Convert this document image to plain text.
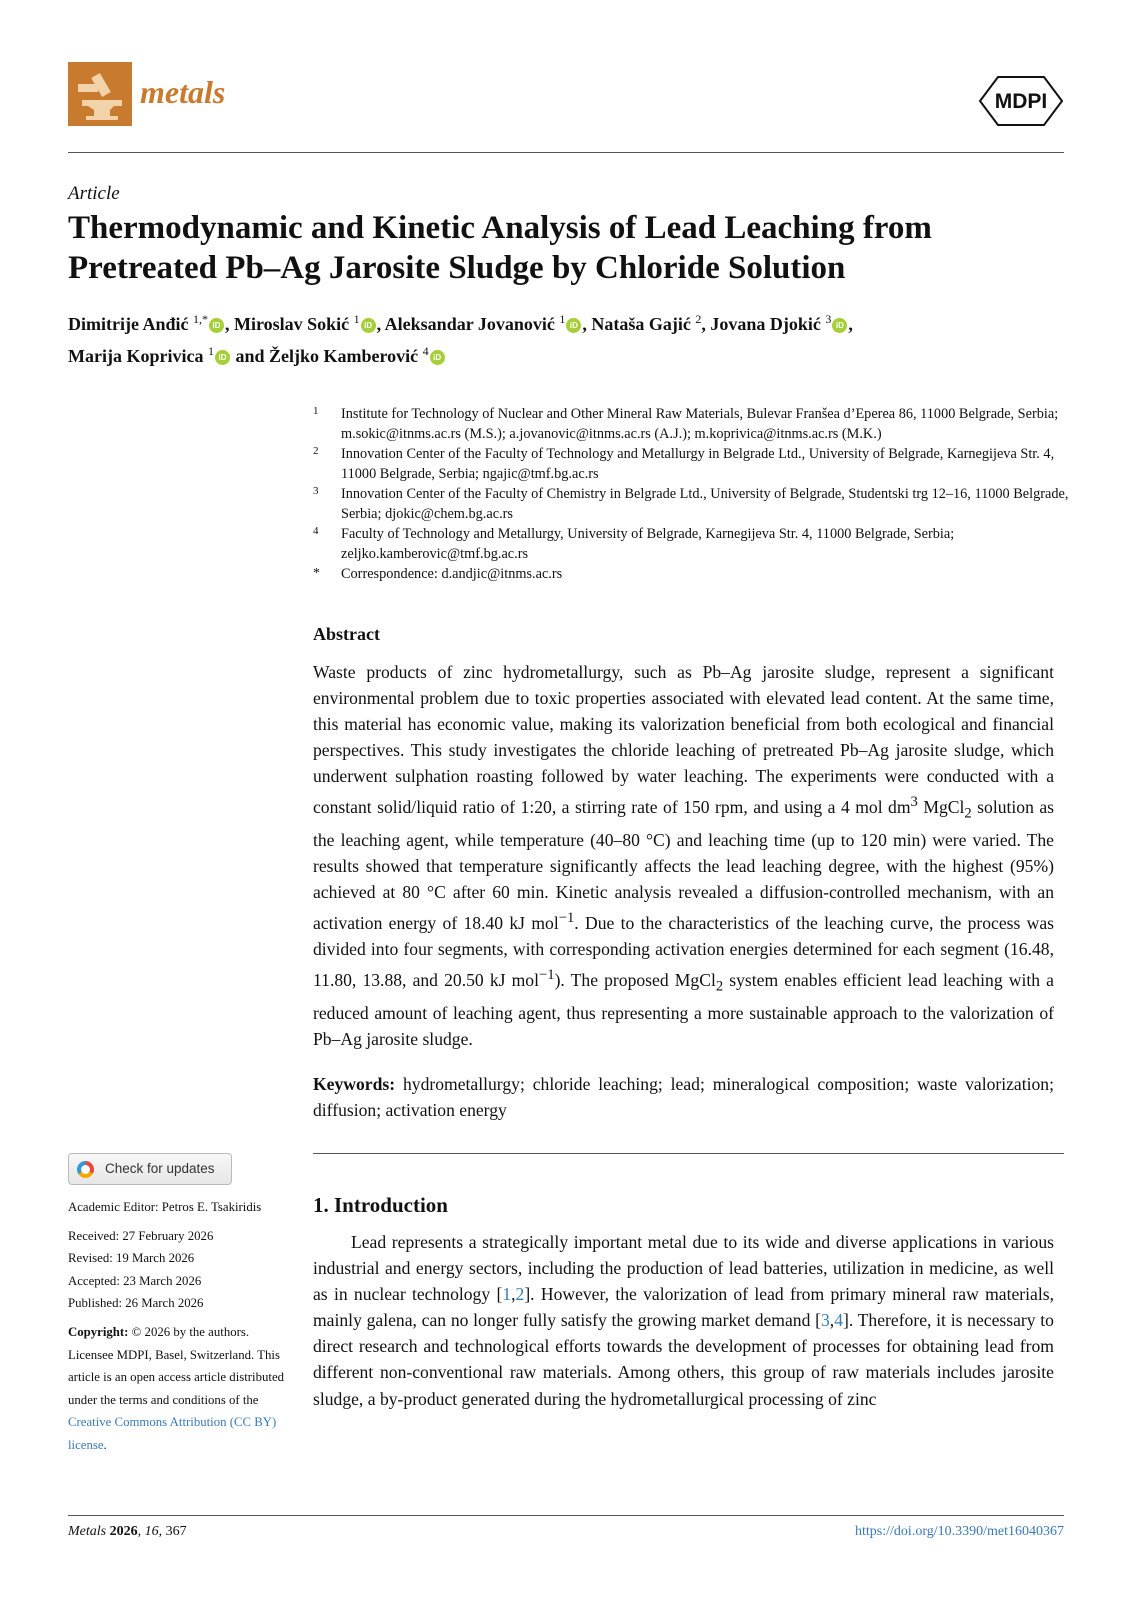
metals	MDPI
Article
Thermodynamic and Kinetic Analysis of Lead Leaching from Pretreated Pb–Ag Jarosite Sludge by Chloride Solution
Dimitrije Anđić $^{1,*}$ iD , Miroslav Sokić $^1$ iD , Aleksandar Jovanović $^1$ iD , Nataša Gajić $^2$, Jovana Djokić $^3$ iD ,
Marija Koprivica $^1$ iD and Željko Kamberović $^4$ iD
1 Institute for Technology of Nuclear and Other Mineral Raw Materials, Bulevar Franšea d’Eperea 86, 11000 Belgrade, Serbia; m.sokic@itnms.ac.rs (M.S.); a.jovanovic@itnms.ac.rs (A.J.); m.koprivica@itnms.ac.rs (M.K.)
2 Innovation Center of the Faculty of Technology and Metallurgy in Belgrade Ltd., University of Belgrade, Karnegijeva Str. 4, 11000 Belgrade, Serbia; ngajic@tmf.bg.ac.rs
3 Innovation Center of the Faculty of Chemistry in Belgrade Ltd., University of Belgrade, Studentski trg 12–16, 11000 Belgrade, Serbia; djokic@chem.bg.ac.rs
4 Faculty of Technology and Metallurgy, University of Belgrade, Karnegijeva Str. 4, 11000 Belgrade, Serbia; zeljko.kamberovic@tmf.bg.ac.rs
* Correspondence: d.andjic@itnms.ac.rs
Abstract
Waste products of zinc hydrometallurgy, such as Pb–Ag jarosite sludge, represent a significant environmental problem due to toxic properties associated with elevated lead content. At the same time, this material has economic value, making its valorization beneficial from both ecological and financial perspectives. This study investigates the chloride leaching of pretreated Pb–Ag jarosite sludge, which underwent sulphation roasting followed by water leaching. The experiments were conducted with a constant solid/liquid ratio of 1:20, a stirring rate of 150 rpm, and using a 4 mol $dm^3$ MgCl$_2$ solution as the leaching agent, while temperature (40–80 °C) and leaching time (up to 120 min) were varied. The results showed that temperature significantly affects the lead leaching degree, with the highest (95%) achieved at 80 °C after 60 min. Kinetic analysis revealed a diffusion-controlled mechanism, with an activation energy of 18.40 kJ mol$^{-1}$. Due to the characteristics of the leaching curve, the process was divided into four segments, with corresponding activation energies determined for each segment (16.48, 11.80, 13.88, and 20.50 kJ mol$^{-1}$). The proposed MgCl$_2$ system enables efficient lead leaching with a reduced amount of leaching agent, thus representing a more sustainable approach to the valorization of Pb–Ag jarosite sludge.
Keywords: hydrometallurgy; chloride leaching; lead; mineralogical composition; waste valorization; diffusion; activation energy
Check for updates
Academic Editor: Petros E. Tsakiridis
Received: 27 February 2026
Revised: 19 March 2026
Accepted: 23 March 2026
Published: 26 March 2026
Copyright: © 2026 by the authors. Licensee MDPI, Basel, Switzerland. This article is an open access article distributed under the terms and conditions of the Creative Commons Attribution (CC BY) license.
1. Introduction
Lead represents a strategically important metal due to its wide and diverse applications in various industrial and energy sectors, including the production of lead batteries, utilization in medicine, as well as in nuclear technology [1,2]. However, the valorization of lead from primary mineral raw materials, mainly galena, can no longer fully satisfy the growing market demand [3,4]. Therefore, it is necessary to direct research and technological efforts towards the development of processes for obtaining lead from different non-conventional raw materials. Among others, this group of raw materials includes jarosite sludge, a by-product generated during the hydrometallurgical processing of zinc
Metals 2026, 16, 367	https://doi.org/10.3390/met16040367
